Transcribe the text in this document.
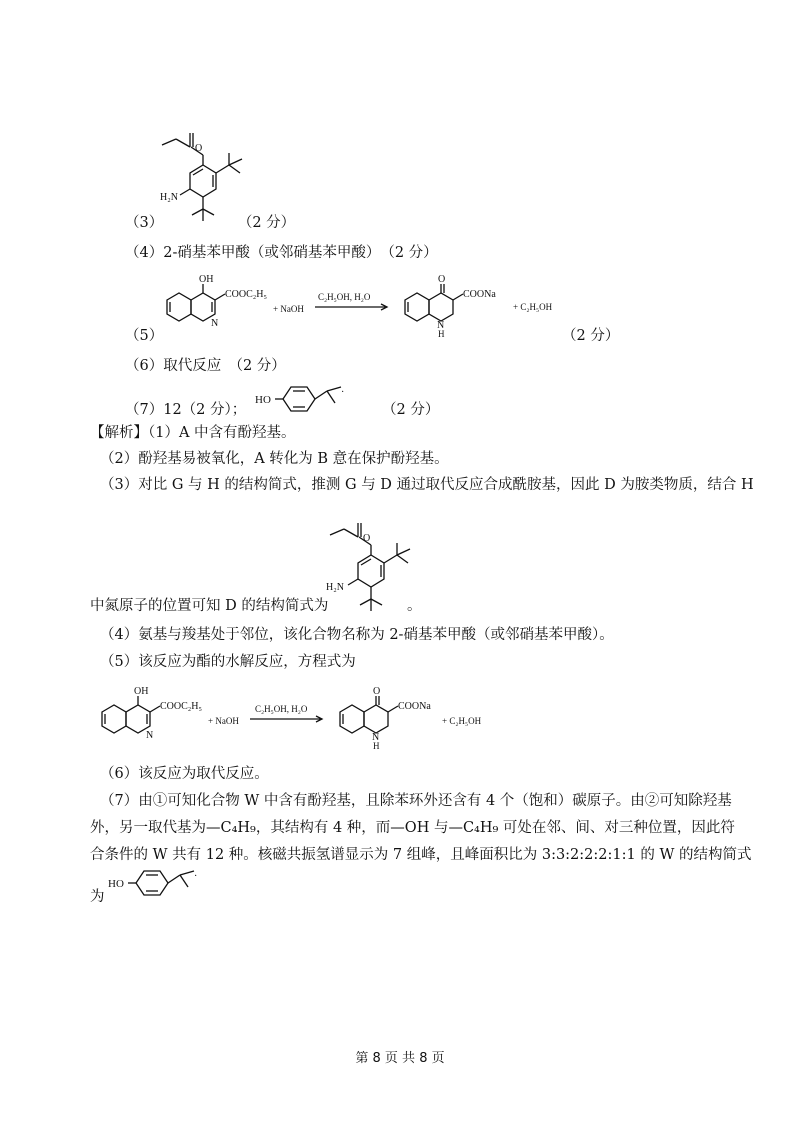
O
H₂N
（3）	（2 分）
（4）2-硝基苯甲酸（或邻硝基苯甲酸）　（2 分）
OH
COOC₂H₅
N
+ NaOH
C₂H₅OH, H₂O
O
COONa
N
H
+ C₂H₅OH
（5）	（2 分）
（6）取代反应　（2 分）
（7）12（2 分）；
HO
·
（2 分）
【解析】（1）A 中含有酚羟基。
（2）酚羟基易被氧化，A 转化为 B 意在保护酚羟基。
（3）对比 G 与 H 的结构简式，推测 G 与 D 通过取代反应合成酰胺基，因此 D 为胺类物质，结合 H
O
H₂N
中氮原子的位置可知 D 的结构简式为	。
（4）氨基与羧基处于邻位，该化合物名称为 2-硝基苯甲酸（或邻硝基苯甲酸）。
（5）该反应为酯的水解反应，方程式为
OH
COOC₂H₅
N
+ NaOH
C₂H₅OH, H₂O
O
COONa
N
H
+ C₂H₅OH
（6）该反应为取代反应。
（7）由①可知化合物 W 中含有酚羟基，且除苯环外还含有 4 个（饱和）碳原子。由②可知除羟基
外，另一取代基为—C₄H₉，其结构有 4 种，而—OH 与—C₄H₉ 可处在邻、间、对三种位置，因此符
合条件的 W 共有 12 种。核磁共振氢谱显示为 7 组峰，且峰面积比为 3:3:2:2:2:1:1 的 W 的结构简式
为
HO
·
第 8 页 共 8 页
